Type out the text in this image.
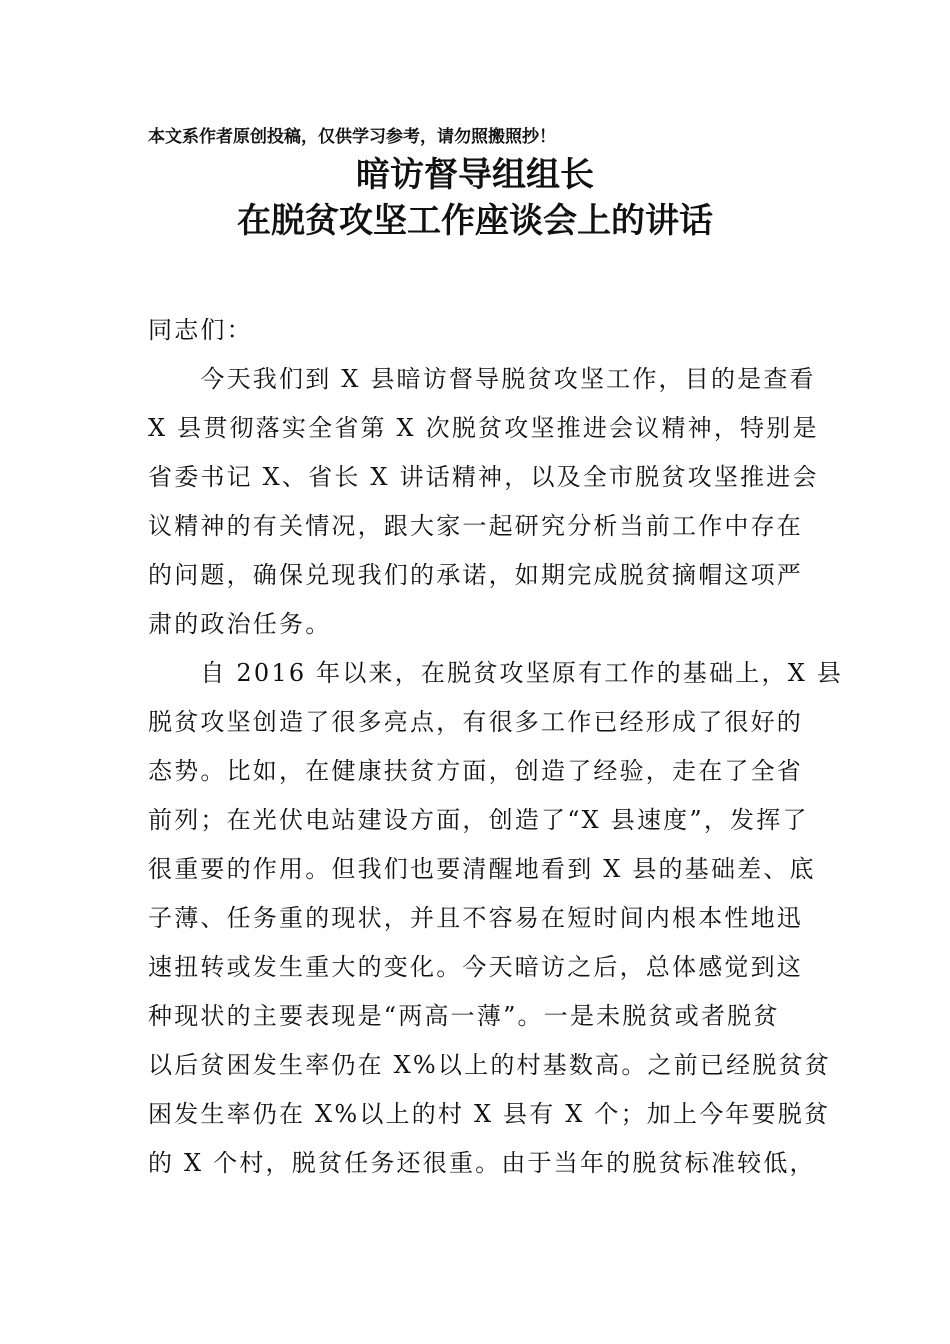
本文系作者原创投稿，仅供学习参考，请勿照搬照抄！
暗访督导组组长
在脱贫攻坚工作座谈会上的讲话
同志们：
　　今天我们到 X 县暗访督导脱贫攻坚工作，目的是查看
X 县贯彻落实全省第 X 次脱贫攻坚推进会议精神，特别是
省委书记 X、省长 X 讲话精神，以及全市脱贫攻坚推进会
议精神的有关情况，跟大家一起研究分析当前工作中存在
的问题，确保兑现我们的承诺，如期完成脱贫摘帽这项严
肃的政治任务。
　　自 2016 年以来，在脱贫攻坚原有工作的基础上，X 县
脱贫攻坚创造了很多亮点，有很多工作已经形成了很好的
态势。比如，在健康扶贫方面，创造了经验，走在了全省
前列；在光伏电站建设方面，创造了“X 县速度”，发挥了
很重要的作用。但我们也要清醒地看到 X 县的基础差、底
子薄、任务重的现状，并且不容易在短时间内根本性地迅
速扭转或发生重大的变化。今天暗访之后，总体感觉到这
种现状的主要表现是“两高一薄”。一是未脱贫或者脱贫
以后贫困发生率仍在 X%以上的村基数高。之前已经脱贫贫
困发生率仍在 X%以上的村 X 县有 X 个；加上今年要脱贫
的 X 个村，脱贫任务还很重。由于当年的脱贫标准较低，
